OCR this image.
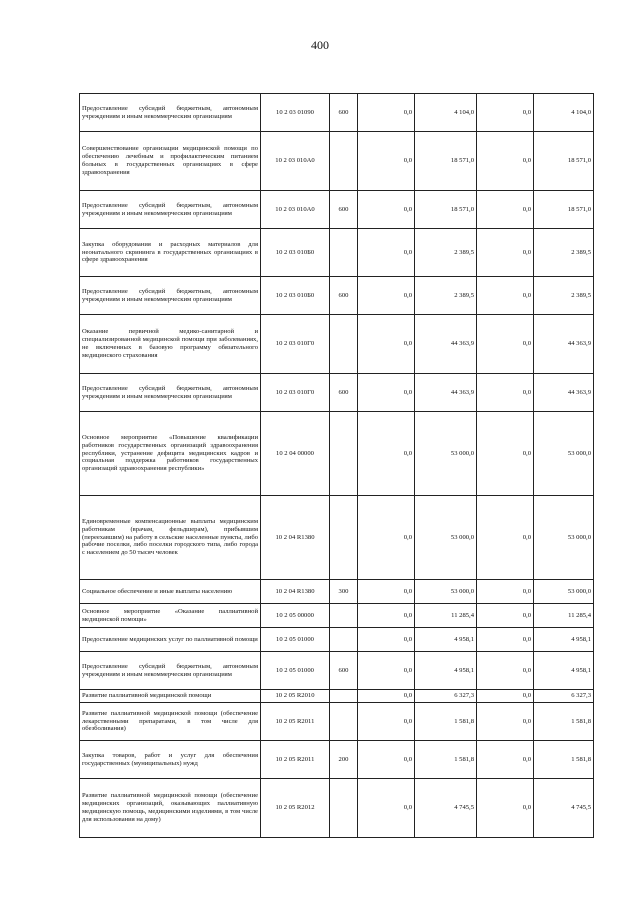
400
Предоставление субсидий бюджетным, автономным учреждениям и иным некоммерческим организациям	10 2 03 01090	600	0,0	4 104,0	0,0	4 104,0
Совершенствование организации медицинской помощи по обеспечению лечебным и профилактическим питанием больных в государственных организациях в сфере здравоохранения	10 2 03 010А0		0,0	18 571,0	0,0	18 571,0
Предоставление субсидий бюджетным, автономным учреждениям и иным некоммерческим организациям	10 2 03 010А0	600	0,0	18 571,0	0,0	18 571,0
Закупка оборудования и расходных материалов для неонатального скрининга в государственных организациях в сфере здравоохранения	10 2 03 010Б0		0,0	2 389,5	0,0	2 389,5
Предоставление субсидий бюджетным, автономным учреждениям и иным некоммерческим организациям	10 2 03 010Б0	600	0,0	2 389,5	0,0	2 389,5
Оказание первичной медико-санитарной и специализированной медицинской помощи при заболеваниях, не включенных в базовую программу обязательного медицинского страхования	10 2 03 010Г0		0,0	44 363,9	0,0	44 363,9
Предоставление субсидий бюджетным, автономным учреждениям и иным некоммерческим организациям	10 2 03 010Г0	600	0,0	44 363,9	0,0	44 363,9
Основное мероприятие «Повышение квалификации работников государственных организаций здравоохранения республики, устранение дефицита медицинских кадров и социальная поддержка работников государственных организаций здравоохранения республики»	10 2 04 00000		0,0	53 000,0	0,0	53 000,0
Единовременные компенсационные выплаты медицинским работникам (врачам, фельдшерам), прибывшим (переехавшим) на работу в сельские населенные пункты, либо рабочие поселки, либо поселки городского типа, либо города с населением до 50 тысяч человек	10 2 04 R1380		0,0	53 000,0	0,0	53 000,0
Социальное обеспечение и иные выплаты населению	10 2 04 R1380	300	0,0	53 000,0	0,0	53 000,0
Основное мероприятие «Оказание паллиативной медицинской помощи»	10 2 05 00000		0,0	11 285,4	0,0	11 285,4
Предоставление медицинских услуг по паллиативной помощи	10 2 05 01000		0,0	4 958,1	0,0	4 958,1
Предоставление субсидий бюджетным, автономным учреждениям и иным некоммерческим организациям	10 2 05 01000	600	0,0	4 958,1	0,0	4 958,1
Развитие паллиативной медицинской помощи	10 2 05 R2010		0,0	6 327,3	0,0	6 327,3
Развитие паллиативной медицинской помощи (обеспечение лекарственными препаратами, в том числе для обезболивания)	10 2 05 R2011		0,0	1 581,8	0,0	1 581,8
Закупка товаров, работ и услуг для обеспечения государственных (муниципальных) нужд	10 2 05 R2011	200	0,0	1 581,8	0,0	1 581,8
Развитие паллиативной медицинской помощи (обеспечение медицинских организаций, оказывающих паллиативную медицинскую помощь, медицинскими изделиями, в том числе для использования на дому)	10 2 05 R2012		0,0	4 745,5	0,0	4 745,5
